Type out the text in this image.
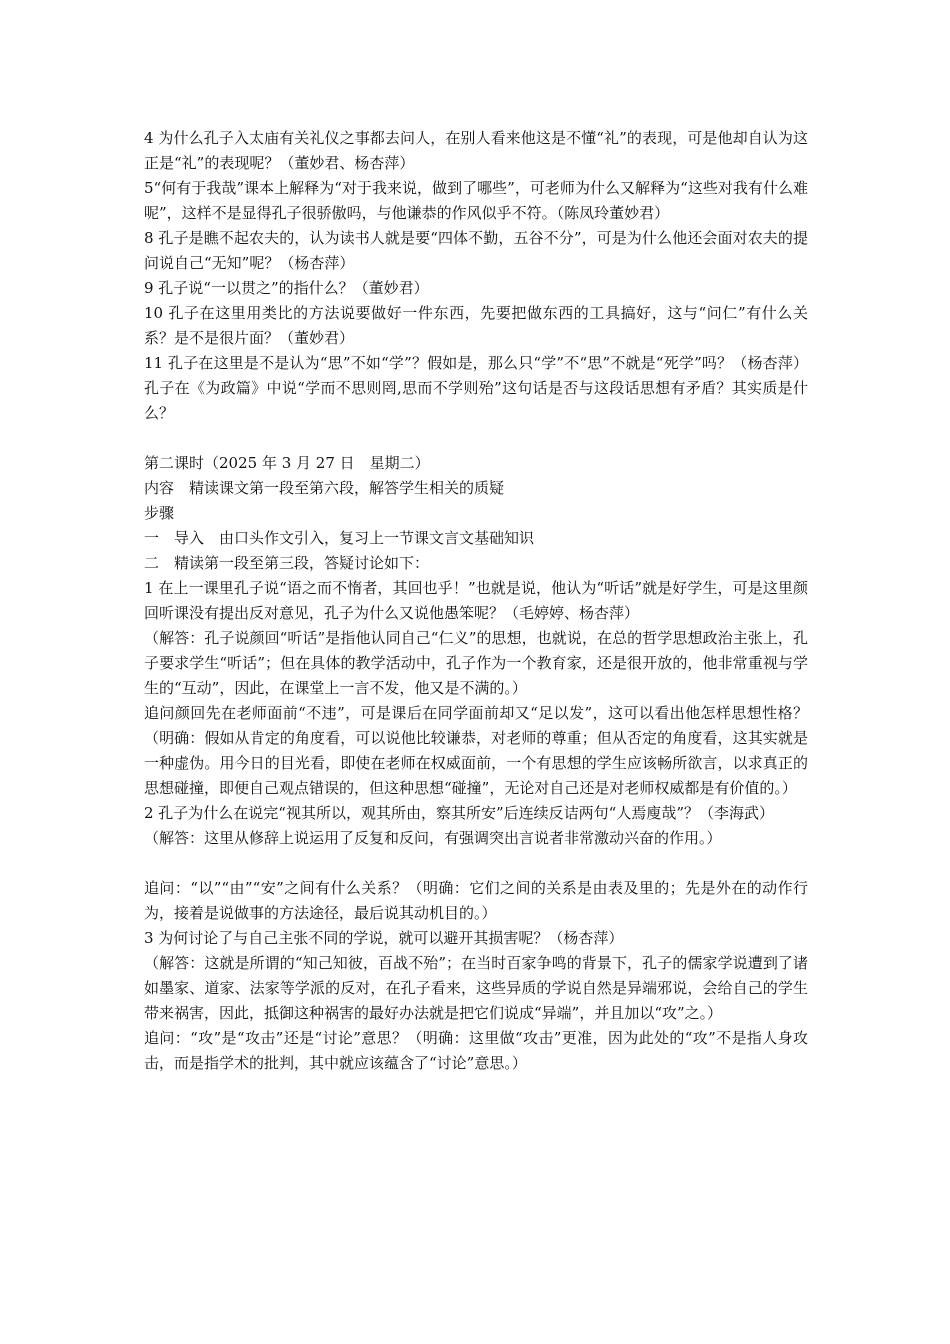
4 为什么孔子入太庙有关礼仪之事都去问人，在别人看来他这是不懂“礼”的表现，可是他却自认为这正是“礼”的表现呢？（董妙君、杨杏萍）

5“何有于我哉”课本上解释为“对于我来说，做到了哪些”，可老师为什么又解释为“这些对我有什么难呢”，这样不是显得孔子很骄傲吗，与他谦恭的作风似乎不符。（陈凤玲董妙君）

8 孔子是瞧不起农夫的，认为读书人就是要“四体不勤，五谷不分”，可是为什么他还会面对农夫的提问说自己“无知”呢？（杨杏萍）

9 孔子说“一以贯之”的指什么？（董妙君）

10 孔子在这里用类比的方法说要做好一件东西，先要把做东西的工具搞好，这与“问仁”有什么关系？是不是很片面？（董妙君）

11 孔子在这里是不是认为“思”不如“学”？假如是，那么只“学”不“思”不就是“死学”吗？（杨杏萍）孔子在《为政篇》中说“学而不思则罔,思而不学则殆”这句话是否与这段话思想有矛盾？其实质是什么？

第二课时（2025 年 3 月 27 日　星期二）

内容　精读课文第一段至第六段，解答学生相关的质疑

步骤

一　导入　由口头作文引入，复习上一节课文言文基础知识

二　精读第一段至第三段，答疑讨论如下：

1 在上一课里孔子说“语之而不惰者，其回也乎！”也就是说，他认为“听话”就是好学生，可是这里颜回听课没有提出反对意见，孔子为什么又说他愚笨呢？（毛婷婷、杨杏萍）

（解答：孔子说颜回“听话”是指他认同自己“仁义”的思想，也就说，在总的哲学思想政治主张上，孔子要求学生“听话”；但在具体的教学活动中，孔子作为一个教育家，还是很开放的，他非常重视与学生的“互动”，因此，在课堂上一言不发，他又是不满的。）

追问颜回先在老师面前“不违”，可是课后在同学面前却又“足以发”，这可以看出他怎样思想性格？（明确：假如从肯定的角度看，可以说他比较谦恭，对老师的尊重；但从否定的角度看，这其实就是一种虚伪。用今日的目光看，即使在老师在权威面前，一个有思想的学生应该畅所欲言，以求真正的思想碰撞，即便自己观点错误的，但这种思想“碰撞”，无论对自己还是对老师权威都是有价值的。）

2 孔子为什么在说完“视其所以，观其所由，察其所安”后连续反诘两句“人焉廋哉”？（李海武）

（解答：这里从修辞上说运用了反复和反问，有强调突出言说者非常激动兴奋的作用。）

追问：“以”“由”“安”之间有什么关系？（明确：它们之间的关系是由表及里的；先是外在的动作行为，接着是说做事的方法途径，最后说其动机目的。）

3 为何讨论了与自己主张不同的学说，就可以避开其损害呢？（杨杏萍）

（解答：这就是所谓的“知己知彼，百战不殆”；在当时百家争鸣的背景下，孔子的儒家学说遭到了诸如墨家、道家、法家等学派的反对，在孔子看来，这些异质的学说自然是异端邪说，会给自己的学生带来祸害，因此，抵御这种祸害的最好办法就是把它们说成“异端”，并且加以“攻”之。）

追问：“攻”是“攻击”还是“讨论”意思？（明确：这里做“攻击”更准，因为此处的“攻”不是指人身攻击，而是指学术的批判，其中就应该蕴含了“讨论”意思。）
